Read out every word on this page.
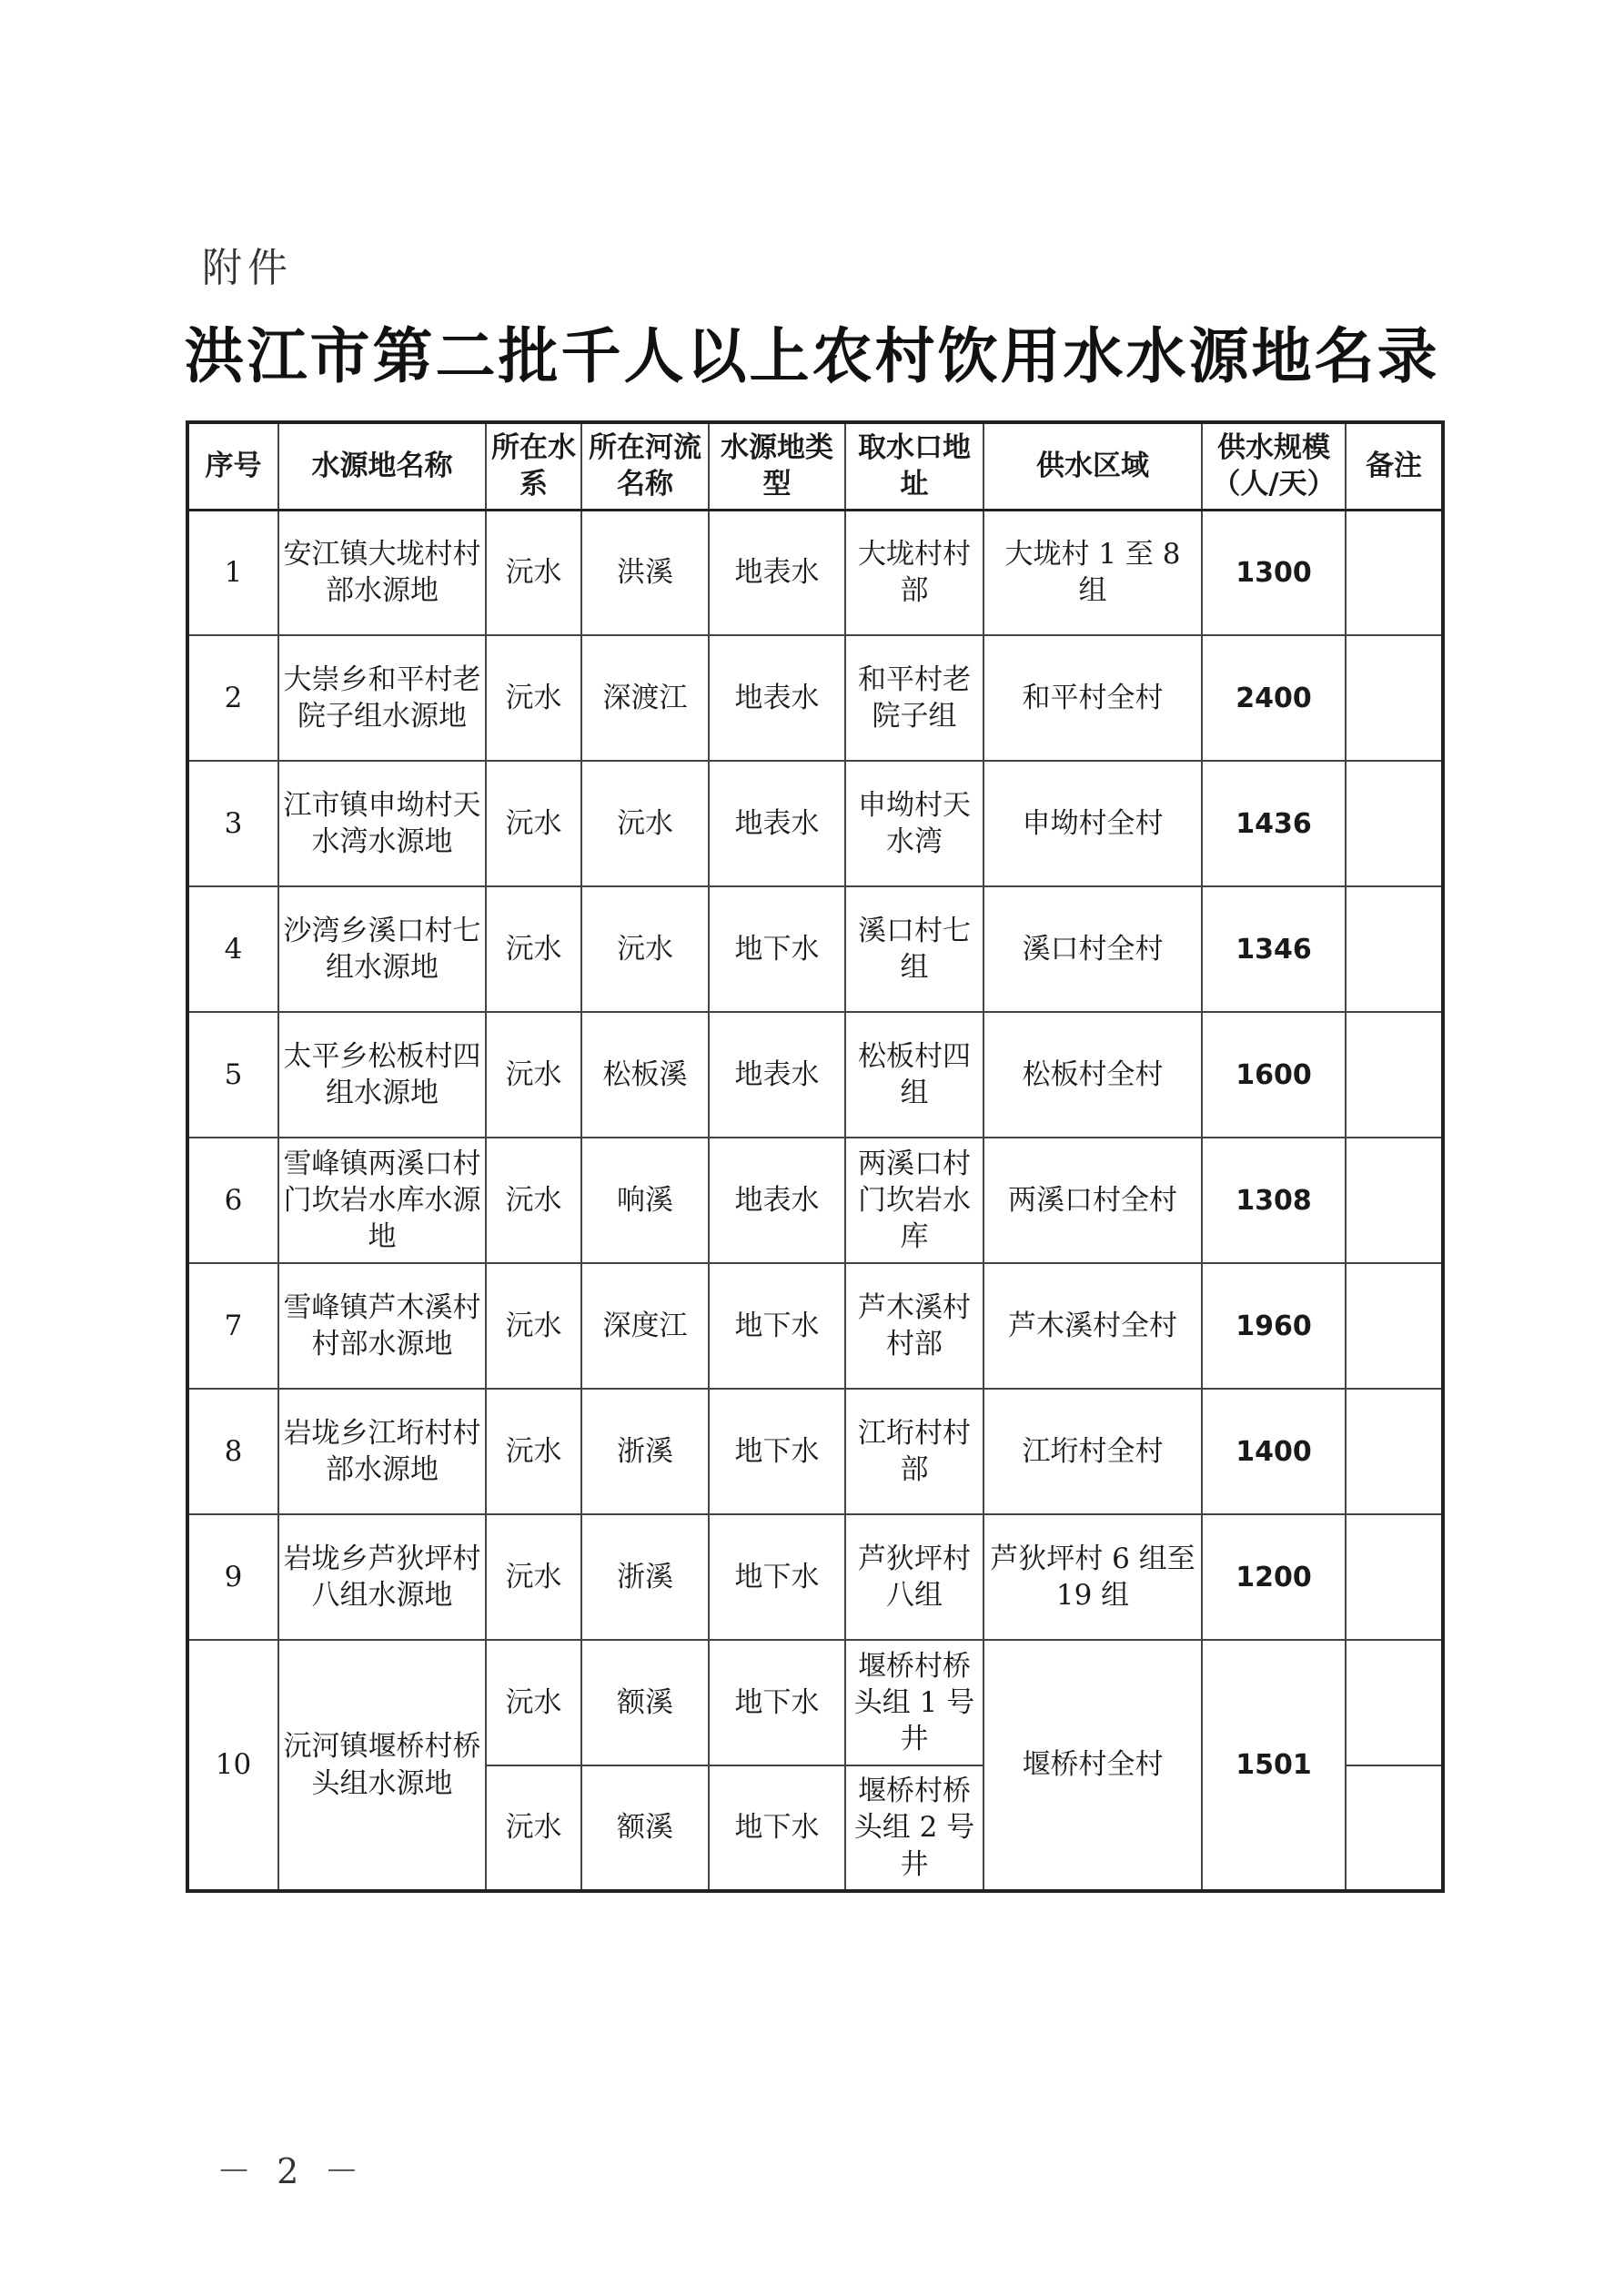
附件
洪江市第二批千人以上农村饮用水水源地名录
序号	水源地名称	所在水系	所在河流名称	水源地类型	取水口地址	供水区域	供水规模（人/天）	备注
1	安江镇大垅村村部水源地	沅水	洪溪	地表水	大垅村村部	大垅村 1 至 8 组	1300	
2	大崇乡和平村老院子组水源地	沅水	深渡江	地表水	和平村老院子组	和平村全村	2400	
3	江市镇申坳村天水湾水源地	沅水	沅水	地表水	申坳村天水湾	申坳村全村	1436	
4	沙湾乡溪口村七组水源地	沅水	沅水	地下水	溪口村七组	溪口村全村	1346	
5	太平乡松板村四组水源地	沅水	松板溪	地表水	松板村四组	松板村全村	1600	
6	雪峰镇两溪口村门坎岩水库水源地	沅水	响溪	地表水	两溪口村门坎岩水库	两溪口村全村	1308	
7	雪峰镇芦木溪村村部水源地	沅水	深度江	地下水	芦木溪村村部	芦木溪村全村	1960	
8	岩垅乡江垳村村部水源地	沅水	浙溪	地下水	江垳村村部	江垳村全村	1400	
9	岩垅乡芦狄坪村八组水源地	沅水	浙溪	地下水	芦狄坪村八组	芦狄坪村 6 组至 19 组	1200	
10	沅河镇堰桥村桥头组水源地	沅水	额溪	地下水	堰桥村桥头组 1 号井	堰桥村全村	1501	
		沅水	额溪	地下水	堰桥村桥头组 2 号井			
－ 2 －
